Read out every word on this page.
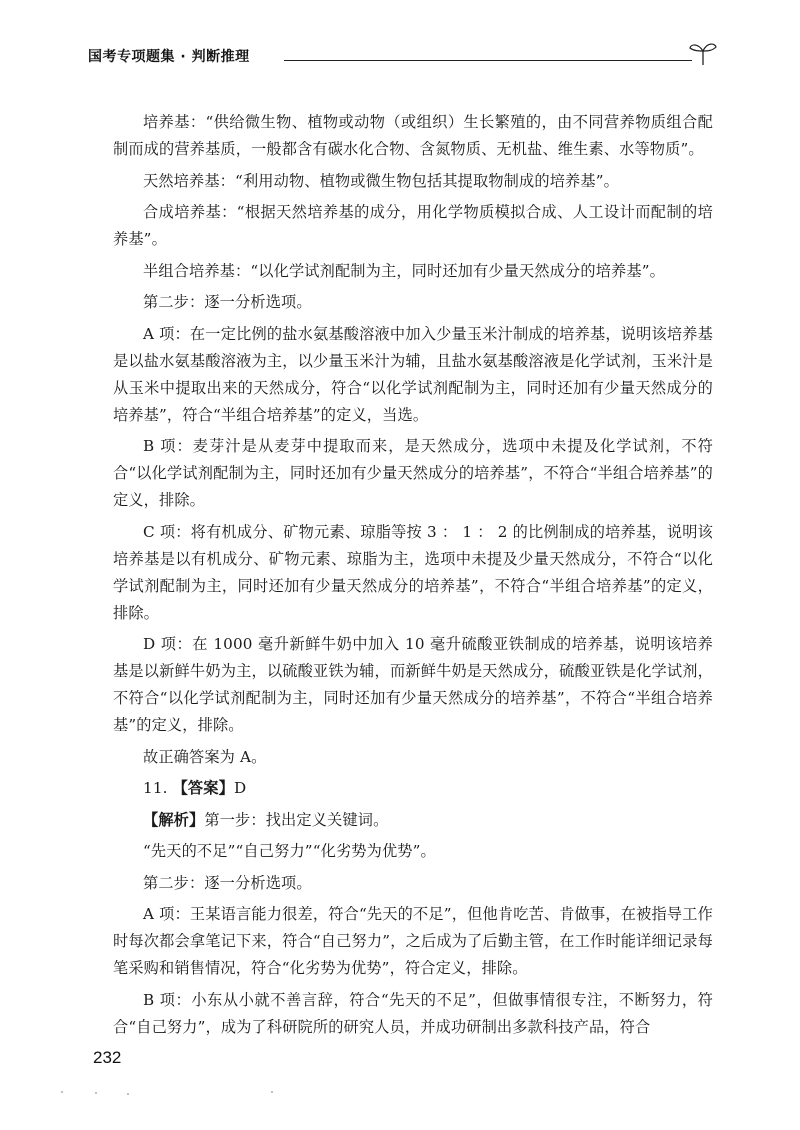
国考专项题集 · 判断推理

培养基：“供给微生物、植物或动物（或组织）生长繁殖的，由不同营养物质组合配制而成的营养基质，一般都含有碳水化合物、含氮物质、无机盐、维生素、水等物质”。

天然培养基：“利用动物、植物或微生物包括其提取物制成的培养基”。

合成培养基：“根据天然培养基的成分，用化学物质模拟合成、人工设计而配制的培养基”。

半组合培养基：“以化学试剂配制为主，同时还加有少量天然成分的培养基”。

第二步：逐一分析选项。

A 项：在一定比例的盐水氨基酸溶液中加入少量玉米汁制成的培养基，说明该培养基是以盐水氨基酸溶液为主，以少量玉米汁为辅，且盐水氨基酸溶液是化学试剂，玉米汁是从玉米中提取出来的天然成分，符合“以化学试剂配制为主，同时还加有少量天然成分的培养基”，符合“半组合培养基”的定义，当选。

B 项：麦芽汁是从麦芽中提取而来，是天然成分，选项中未提及化学试剂，不符合“以化学试剂配制为主，同时还加有少量天然成分的培养基”，不符合“半组合培养基”的定义，排除。

C 项：将有机成分、矿物元素、琼脂等按 3 ： 1 ： 2 的比例制成的培养基，说明该培养基是以有机成分、矿物元素、琼脂为主，选项中未提及少量天然成分，不符合“以化学试剂配制为主，同时还加有少量天然成分的培养基”，不符合“半组合培养基”的定义，排除。

D 项：在 1000 毫升新鲜牛奶中加入 10 毫升硫酸亚铁制成的培养基，说明该培养基是以新鲜牛奶为主，以硫酸亚铁为辅，而新鲜牛奶是天然成分，硫酸亚铁是化学试剂，不符合“以化学试剂配制为主，同时还加有少量天然成分的培养基”，不符合“半组合培养基”的定义，排除。

故正确答案为 A。

11. 【答案】D

【解析】第一步：找出定义关键词。

“先天的不足”“自己努力”“化劣势为优势”。

第二步：逐一分析选项。

A 项：王某语言能力很差，符合“先天的不足”，但他肯吃苦、肯做事，在被指导工作时每次都会拿笔记下来，符合“自己努力”，之后成为了后勤主管，在工作时能详细记录每笔采购和销售情况，符合“化劣势为优势”，符合定义，排除。

B 项：小东从小就不善言辞，符合“先天的不足”，但做事情很专注，不断努力，符合“自己努力”，成为了科研院所的研究人员，并成功研制出多款科技产品，符合

232
